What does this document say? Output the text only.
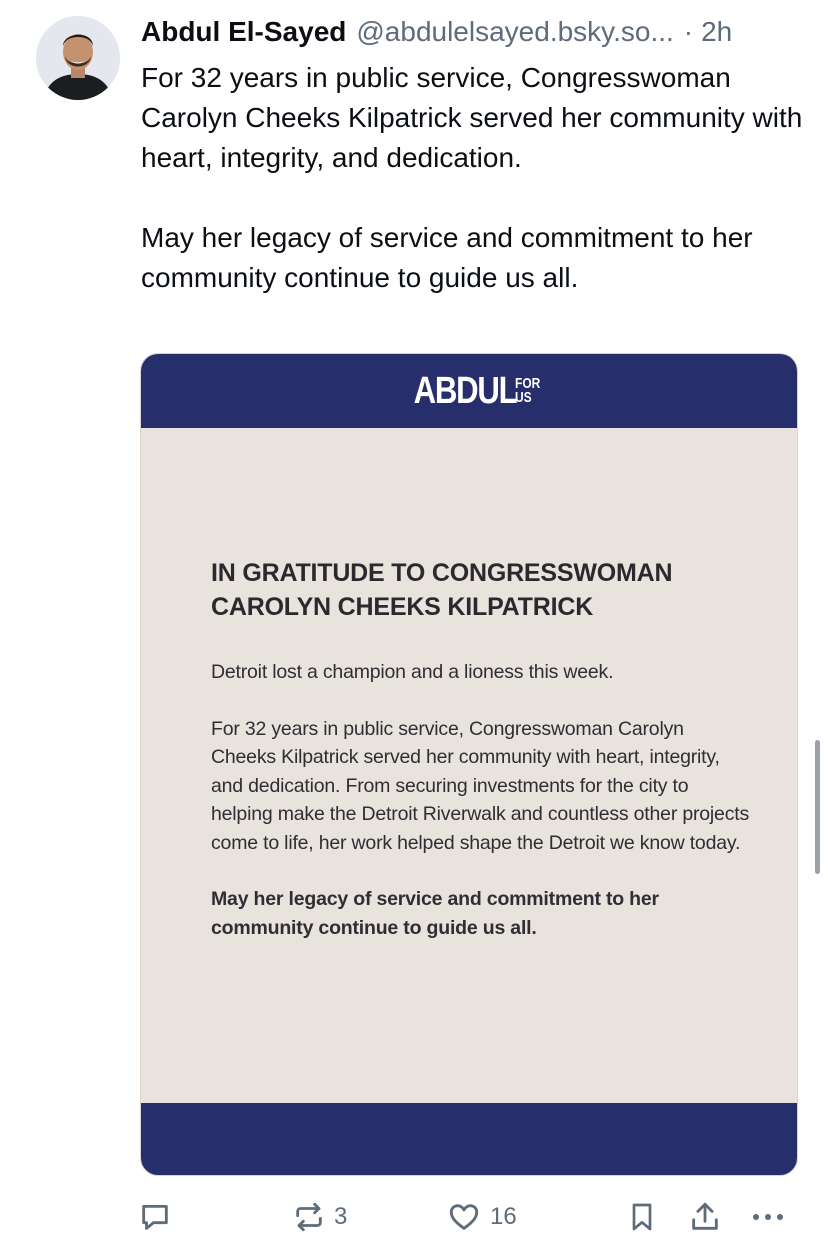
Abdul El-Sayed @abdulelsayed.bsky.so... · 2h

For 32 years in public service, Congresswoman Carolyn Cheeks Kilpatrick served her community with heart, integrity, and dedication.

May her legacy of service and commitment to her community continue to guide us all.

ABDUL
FOR
US
IN GRATITUDE TO CONGRESSWOMAN CAROLYN CHEEKS KILPATRICK

Detroit lost a champion and a lioness this week.

For 32 years in public service, Congresswoman Carolyn Cheeks Kilpatrick served her community with heart, integrity, and dedication. From securing investments for the city to helping make the Detroit Riverwalk and countless other projects come to life, her work helped shape the Detroit we know today.

May her legacy of service and commitment to her community continue to guide us all.

3	16
